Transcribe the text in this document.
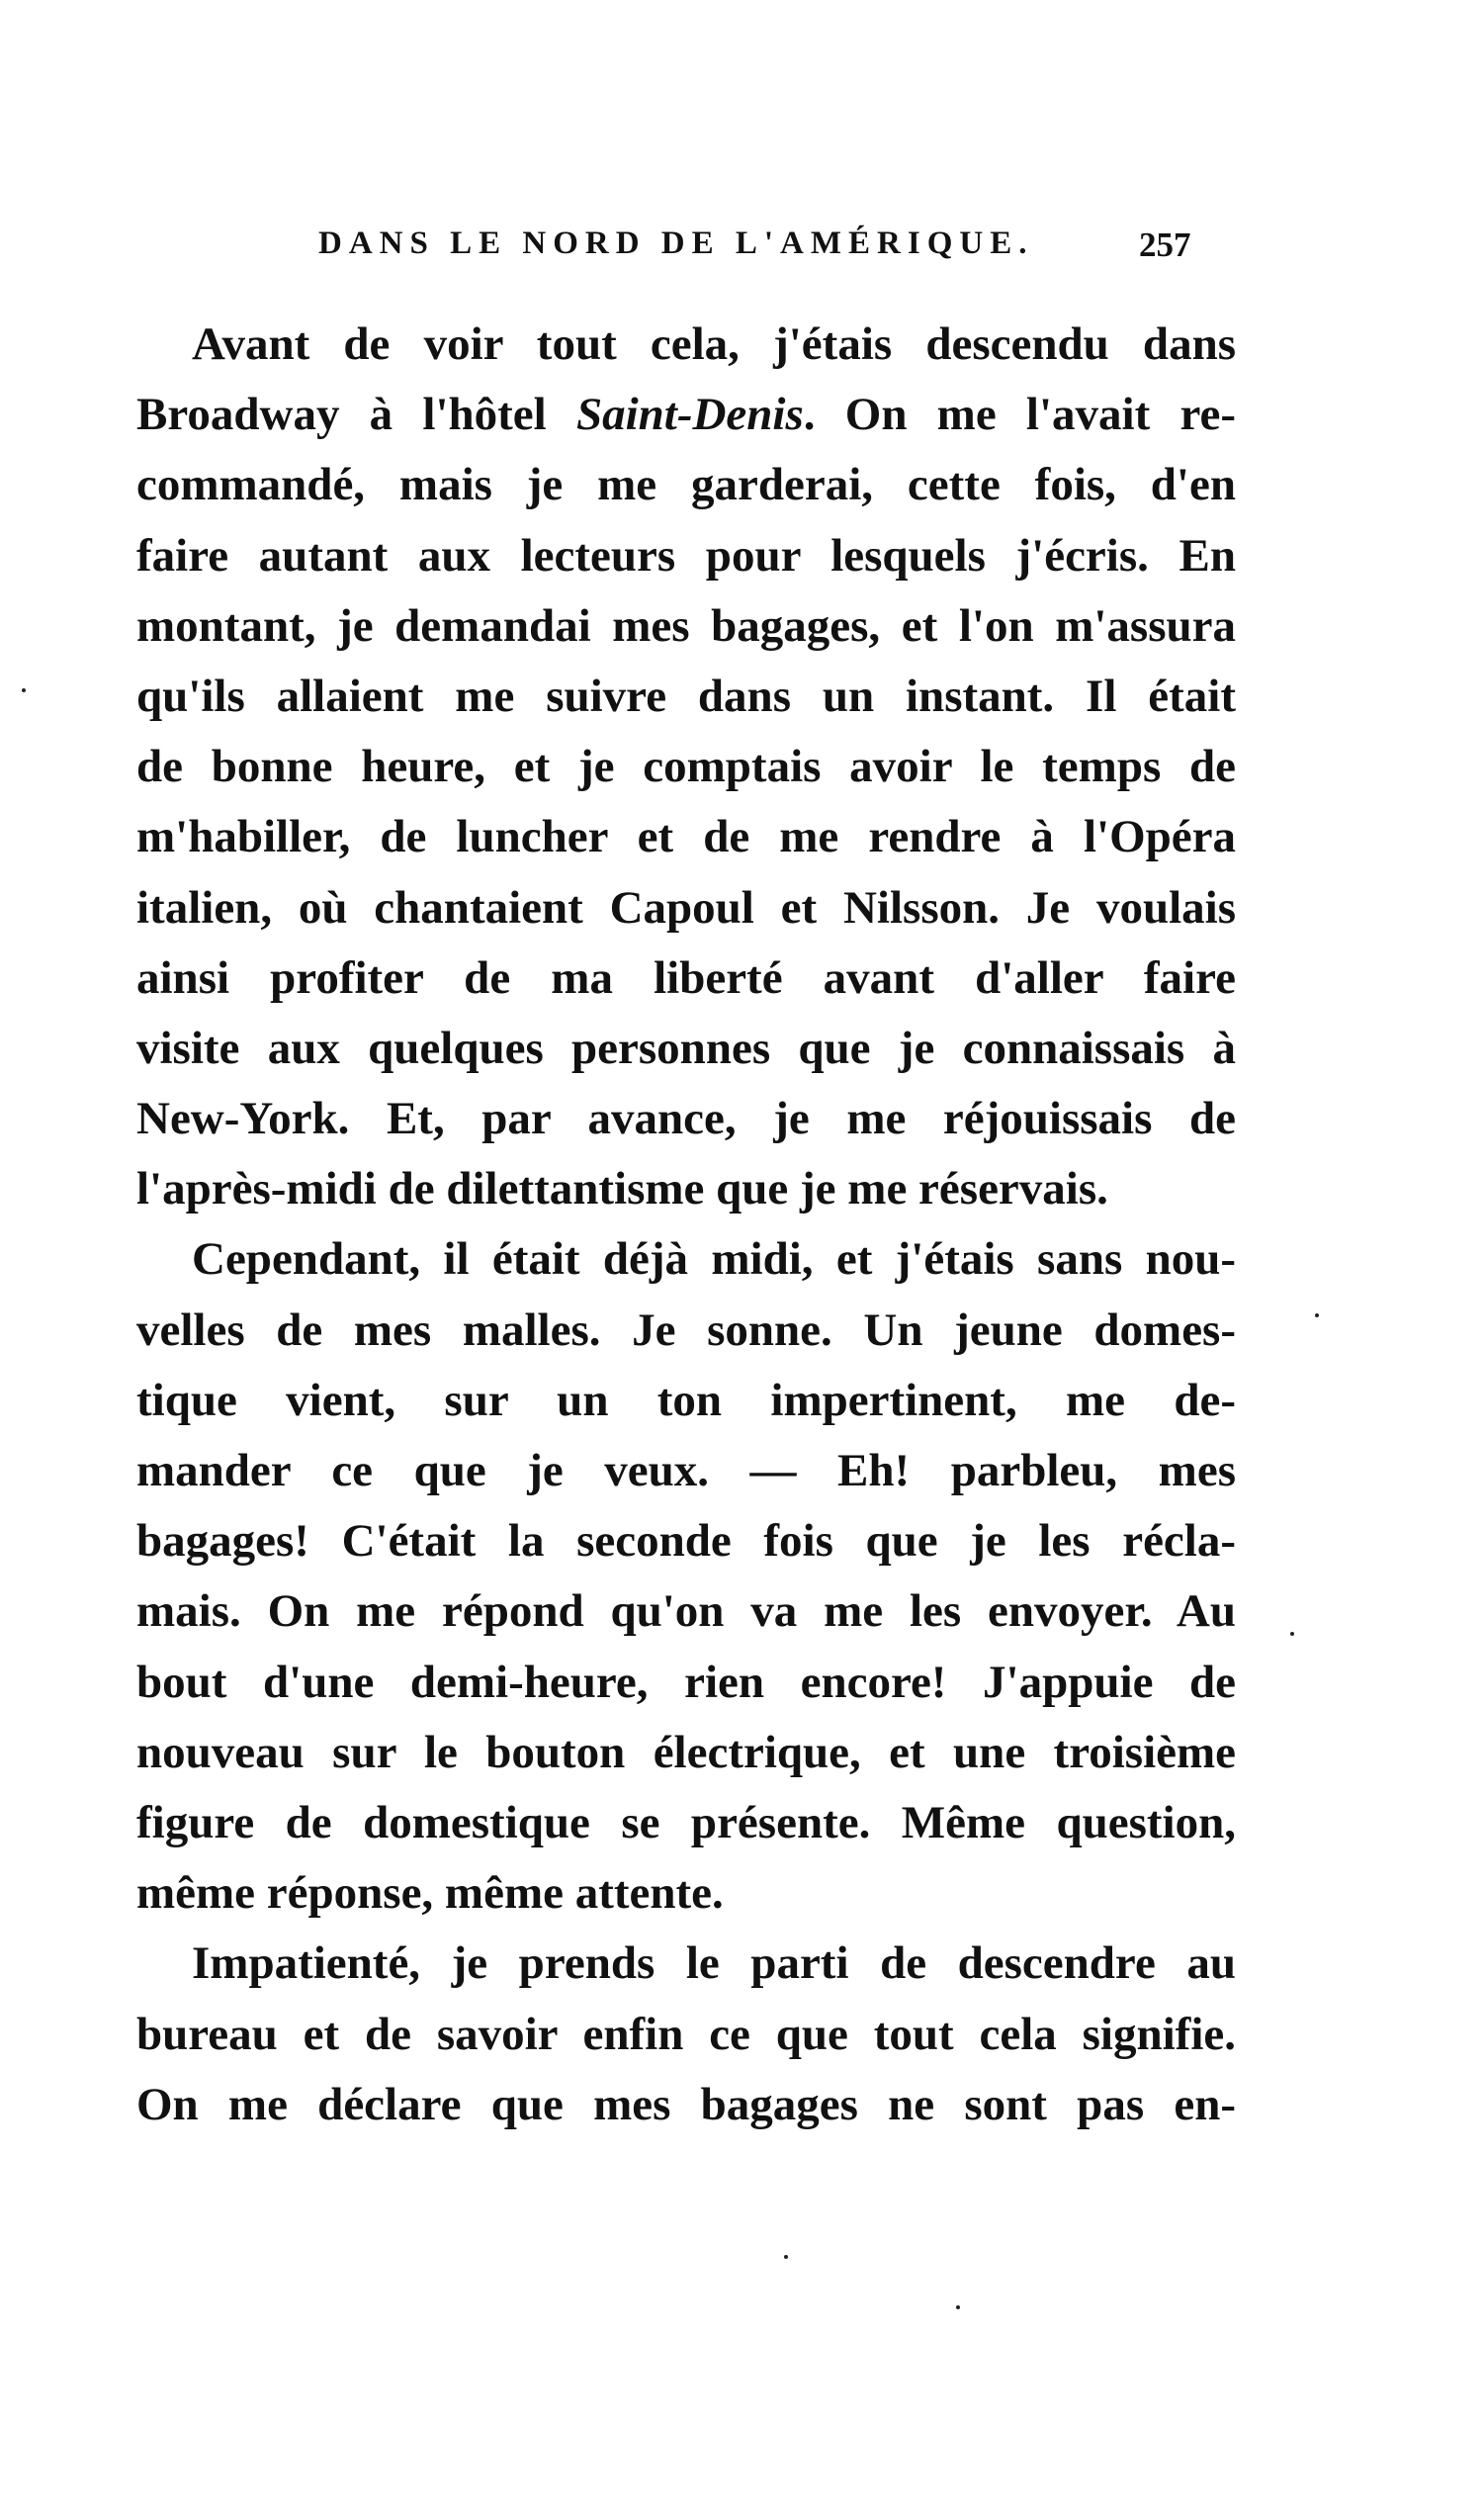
DANS LE NORD DE L'AMÉRIQUE.	257
Avant de voir tout cela, j'étais descendu dans
Broadway à l'hôtel Saint-Denis. On me l'avait re-
commandé, mais je me garderai, cette fois, d'en
faire autant aux lecteurs pour lesquels j'écris. En
montant, je demandai mes bagages, et l'on m'assura
qu'ils allaient me suivre dans un instant. Il était
de bonne heure, et je comptais avoir le temps de
m'habiller, de luncher et de me rendre à l'Opéra
italien, où chantaient Capoul et Nilsson. Je voulais
ainsi profiter de ma liberté avant d'aller faire
visite aux quelques personnes que je connaissais à
New-York. Et, par avance, je me réjouissais de
l'après-midi de dilettantisme que je me réservais.
Cependant, il était déjà midi, et j'étais sans nou-
velles de mes malles. Je sonne. Un jeune domes-
tique vient, sur un ton impertinent, me de-
mander ce que je veux. — Eh! parbleu, mes
bagages! C'était la seconde fois que je les récla-
mais. On me répond qu'on va me les envoyer. Au
bout d'une demi-heure, rien encore! J'appuie de
nouveau sur le bouton électrique, et une troisième
figure de domestique se présente. Même question,
même réponse, même attente.
Impatienté, je prends le parti de descendre au
bureau et de savoir enfin ce que tout cela signifie.
On me déclare que mes bagages ne sont pas en-
